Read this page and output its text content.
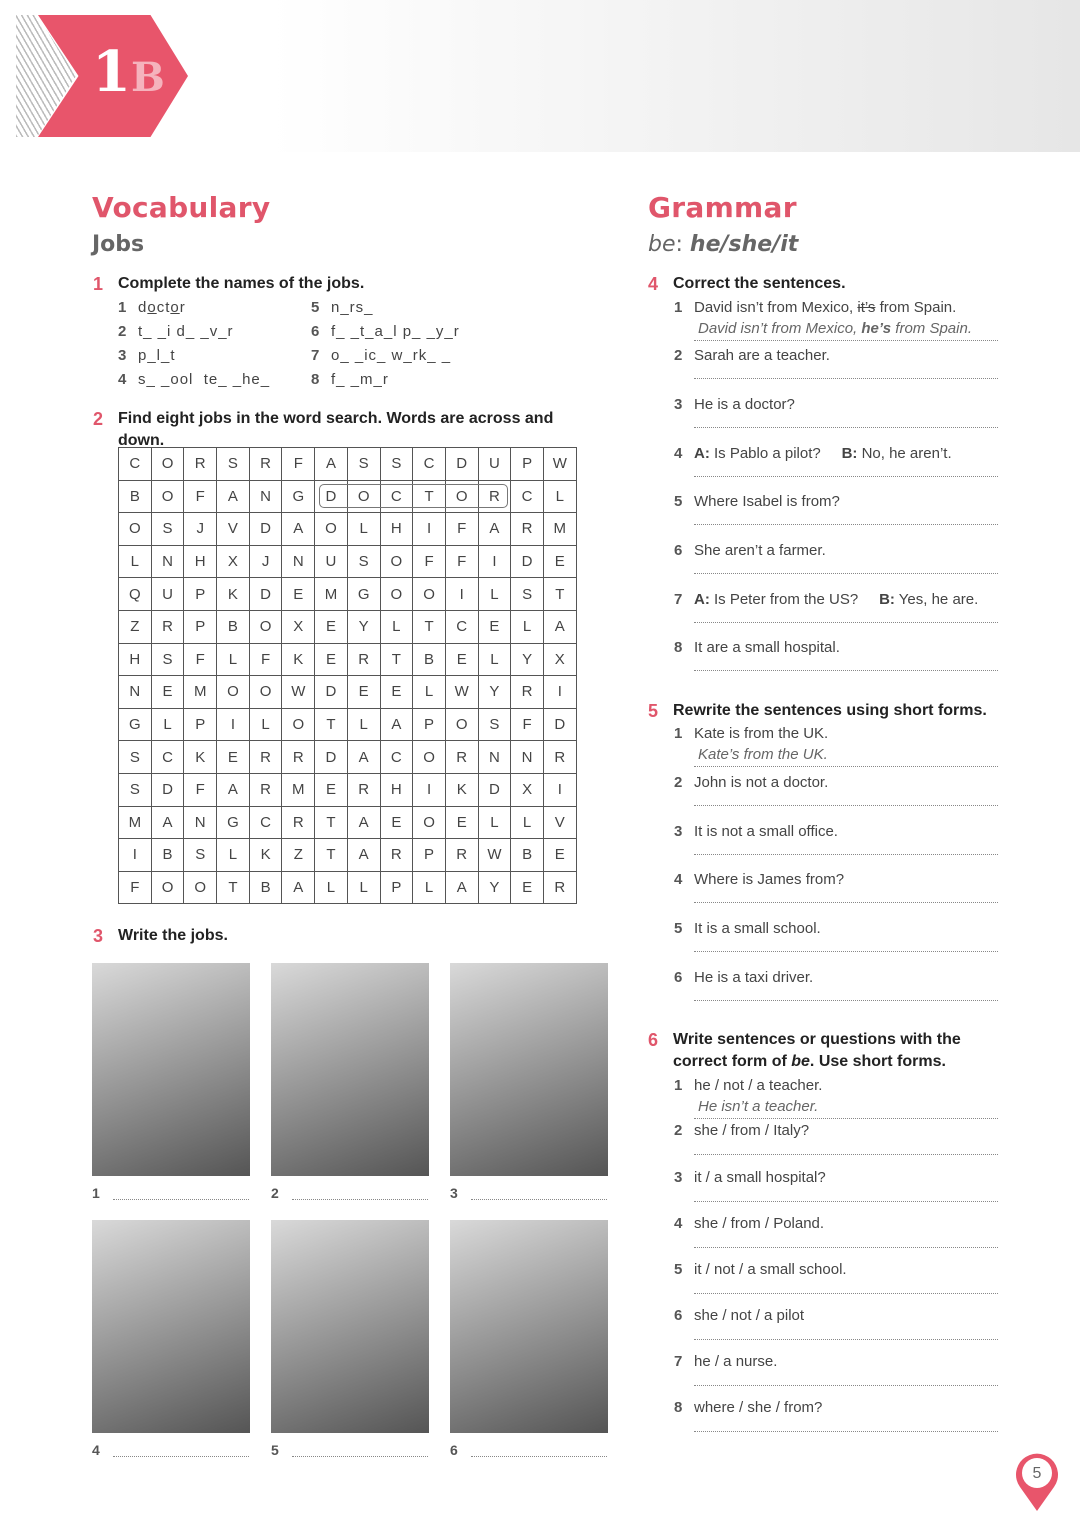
1B
Vocabulary
Jobs
Grammar
be: he/she/it
1 Complete the names of the jobs.
1 doctor
2 t_ _i d_ _v_r
3 p_l_t
4 s_ _ool  te_ _he_
5 n_rs_
6 f_ _t_a_l p_ _y_r
7 o_ _ic_ w_rk_ _
8 f_ _m_r
2 Find eight jobs in the word search. Words are across and down.
3 Write the jobs.
1	2	3
4	5	6
4 Correct the sentences.
1 David isn’t from Mexico, it’s from Spain.
David isn’t from Mexico, he’s from Spain.
2 Sarah are a teacher.
3 He is a doctor?
4 A: Is Pablo a pilot?     B: No, he aren’t.
5 Where Isabel is from?
6 She aren’t a farmer.
7 A: Is Peter from the US?     B: Yes, he are.
8 It are a small hospital.
5 Rewrite the sentences using short forms.
1 Kate is from the UK.
Kate’s from the UK.
2 John is not a doctor.
3 It is not a small office.
4 Where is James from?
5 It is a small school.
6 He is a taxi driver.
6 Write sentences or questions with the correct form of be. Use short forms.
1 he / not / a teacher.
He isn’t a teacher.
2 she / from / Italy?
3 it / a small hospital?
4 she / from / Poland.
5 it / not / a small school.
6 she / not / a pilot
7 he / a nurse.
8 where / she / from?
C	O	R	S	R	F	A	S	S	C	D	U	P	W
B	O	F	A	N	G	D	O	C	T	O	R	C	L
O	S	J	V	D	A	O	L	H	I	F	A	R	M
L	N	H	X	J	N	U	S	O	F	F	I	D	E
Q	U	P	K	D	E	M	G	O	O	I	L	S	T
Z	R	P	B	O	X	E	Y	L	T	C	E	L	A
H	S	F	L	F	K	E	R	T	B	E	L	Y	X
N	E	M	O	O	W	D	E	E	L	W	Y	R	I
G	L	P	I	L	O	T	L	A	P	O	S	F	D
S	C	K	E	R	R	D	A	C	O	R	N	N	R
S	D	F	A	R	M	E	R	H	I	K	D	X	I
M	A	N	G	C	R	T	A	E	O	E	L	L	V
I	B	S	L	K	Z	T	A	R	P	R	W	B	E
F	O	O	T	B	A	L	L	P	L	A	Y	E	R
5
